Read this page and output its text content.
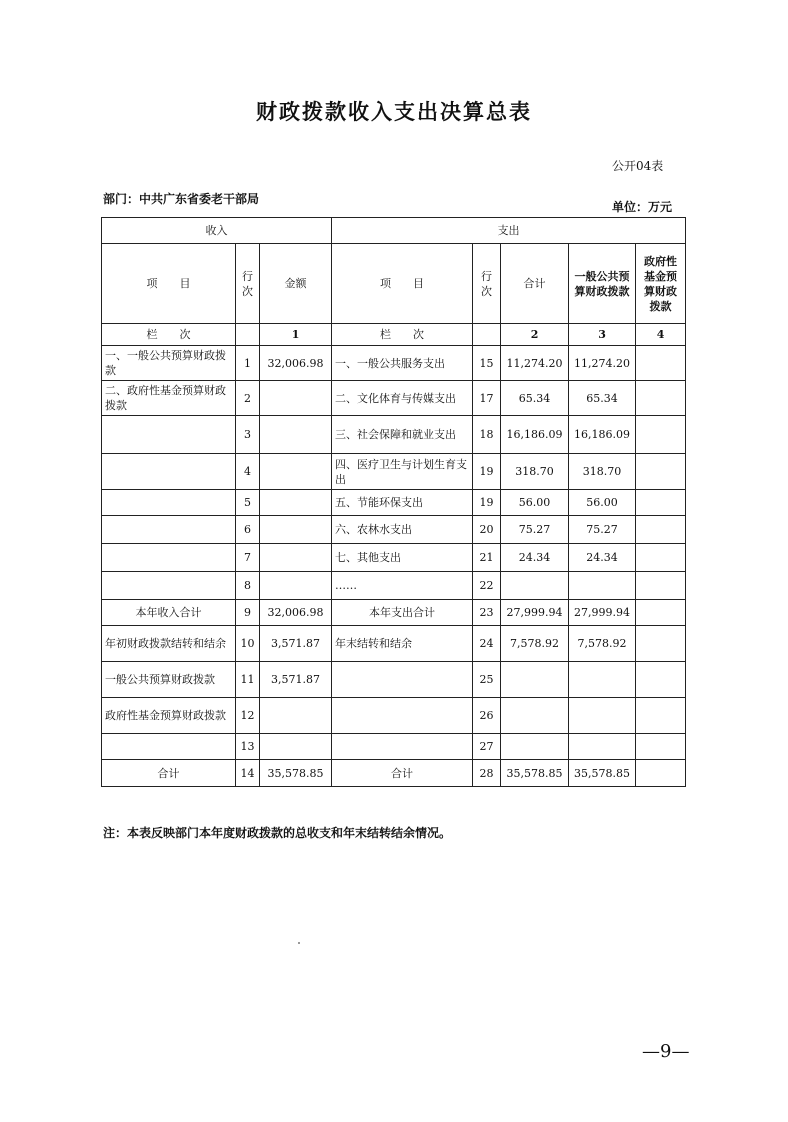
财政拨款收入支出决算总表
公开04表
部门：中共广东省委老干部局
单位：万元
收入			支出				
项　　目	行次	金额	项　　目	行次	合计	一般公共预算财政拨款	政府性基金预算财政拨款
栏　　次		1	栏　　次		2	3	4
一、一般公共预算财政拨款	1	32,006.98	一、一般公共服务支出	15	11,274.20	11,274.20	
二、政府性基金预算财政拨款	2		二、文化体育与传媒支出	17	65.34	65.34	
	3		三、社会保障和就业支出	18	16,186.09	16,186.09	
	4		四、医疗卫生与计划生育支出	19	318.70	318.70	
	5		五、节能环保支出	19	56.00	56.00	
	6		六、农林水支出	20	75.27	75.27	
	7		七、其他支出	21	24.34	24.34	
	8		……	22			
本年收入合计	9	32,006.98	本年支出合计	23	27,999.94	27,999.94	
年初财政拨款结转和结余	10	3,571.87	年末结转和结余	24	7,578.92	7,578.92	
一般公共预算财政拨款	11	3,571.87		25			
政府性基金预算财政拨款	12			26			
	13			27			
合计	14	35,578.85	合计	28	35,578.85	35,578.85	
注：本表反映部门本年度财政拨款的总收支和年末结转结余情况。
—9—
